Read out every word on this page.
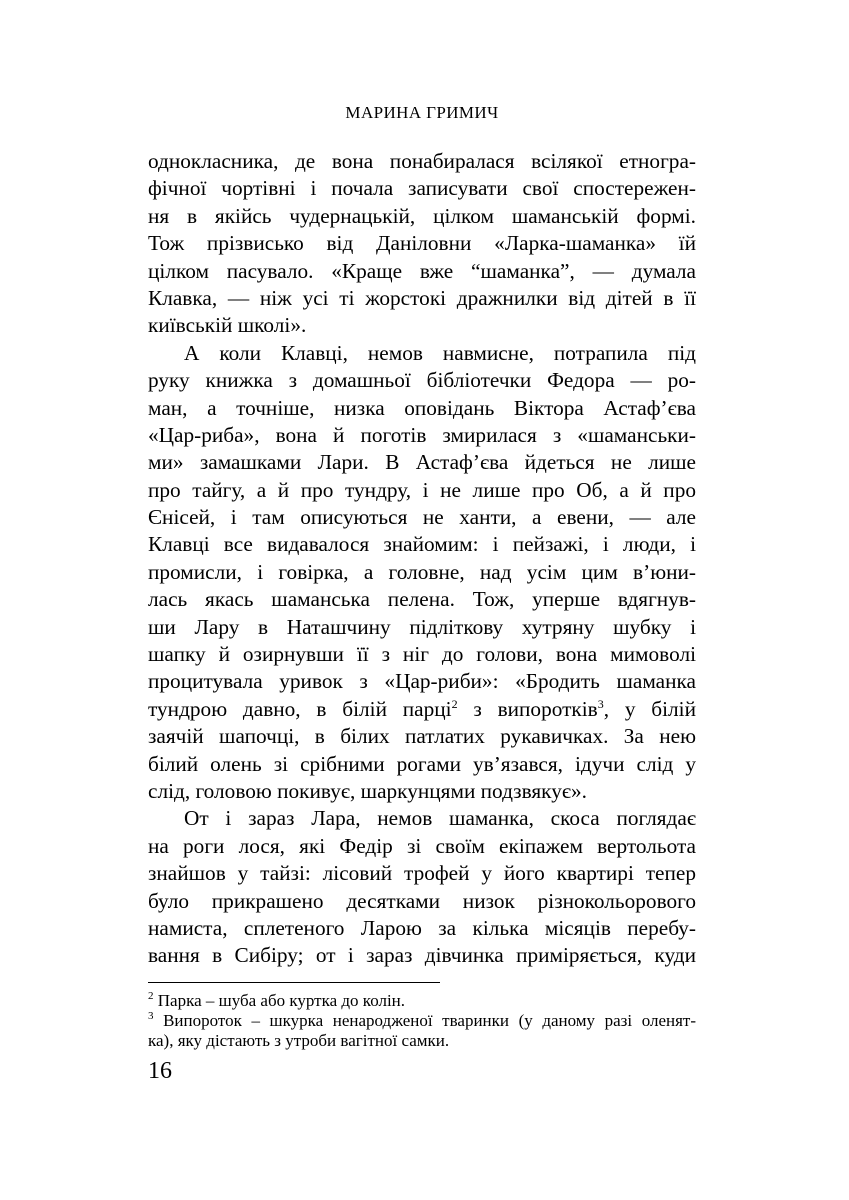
МАРИНА ГРИМИЧ

однокласника, де вона понабиралася всілякої етногра-
фічної чортівні і почала записувати свої спостережен-
ня в якійсь чудернацькій, цілком шаманській формі.
Тож прізвисько від Даніловни «Ларка-шаманка» їй
цілком пасувало. «Краще вже “шаманка”, — думала
Клавка, — ніж усі ті жорстокі дражнилки від дітей в її
київській школі».

А коли Клавці, немов навмисне, потрапила під
руку книжка з домашньої бібліотечки Федора — ро-
ман, а точніше, низка оповідань Віктора Астаф’єва
«Цар-риба», вона й поготів змирилася з «шаманськи-
ми» замашками Лари. В Астаф’єва йдеться не лише
про тайгу, а й про тундру, і не лише про Об, а й про
Єнісей, і там описуються не ханти, а евени, — але
Клавці все видавалося знайомим: і пейзажі, і люди, і
промисли, і говірка, а головне, над усім цим в’юни-
лась якась шаманська пелена. Тож, уперше вдягнув-
ши Лару в Наташчину підліткову хутряну шубку і
шапку й озирнувши її з ніг до голови, вона мимоволі
процитувала уривок з «Цар-риби»: «Бродить шаманка
тундрою давно, в білій парці$^2$ з випоротків$^3$, у білій
заячій шапочці, в білих патлатих рукавичках. За нею
білий олень зі срібними рогами ув’язався, ідучи слід у
слід, головою покивує, шаркунцями подзвякує».

От і зараз Лара, немов шаманка, скоса поглядає
на роги лося, які Федір зі своїм екіпажем вертольота
знайшов у тайзі: лісовий трофей у його квартирі тепер
було прикрашено десятками низок різнокольорового
намиста, сплетеного Ларою за кілька місяців перебу-
вання в Сибіру; от і зараз дівчинка приміряється, куди

$^2$ Парка – шуба або куртка до колін.
$^3$ Випороток – шкурка ненародженої тваринки (у даному разі оленят-
ка), яку дістають з утроби вагітної самки.
16
